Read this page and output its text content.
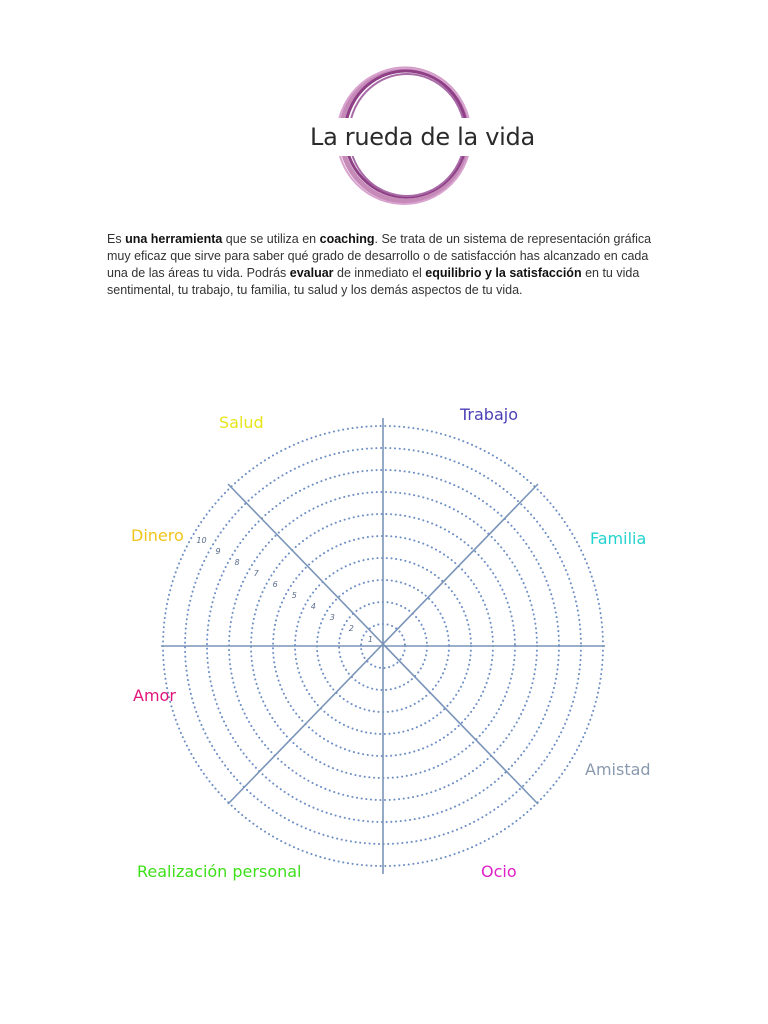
La rueda de la vida

Es una herramienta que se utiliza en coaching. Se trata de un sistema de representación gráfica muy eficaz que sirve para saber qué grado de desarrollo o de satisfacción has alcanzado en cada una de las áreas tu vida. Podrás evaluar de inmediato el equilibrio y la satisfacción en tu vida sentimental, tu trabajo, tu familia, tu salud y los demás aspectos de tu vida.

1
2
3
4
5
6
7
8
9
10
Salud	Trabajo
Dinero	Familia
Amor
Amistad
Realización personal	Ocio
